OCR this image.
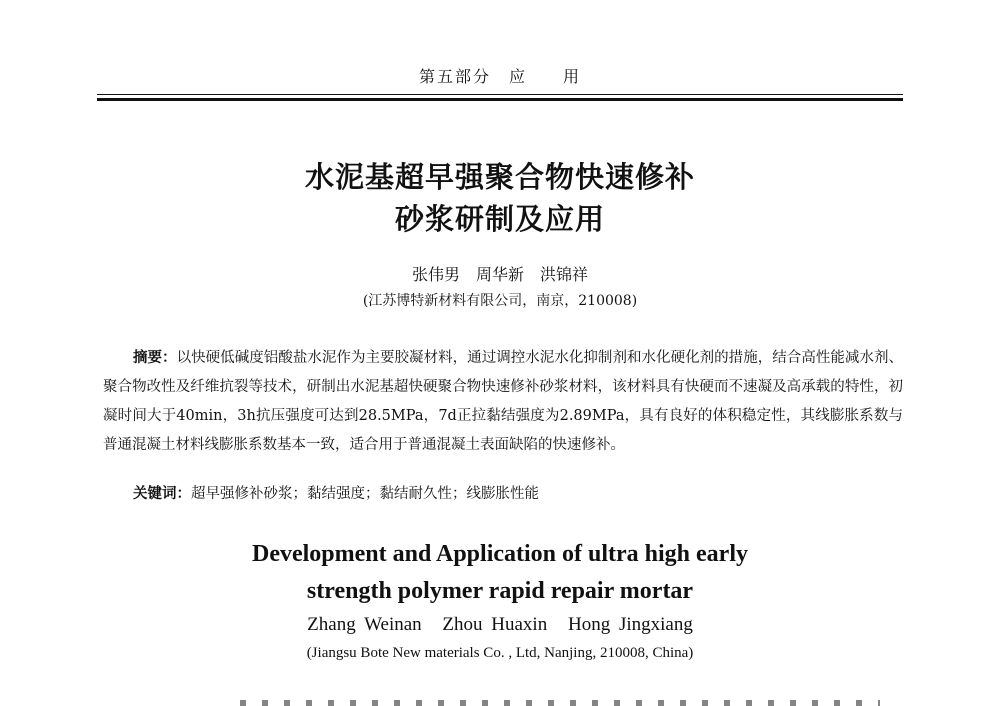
第五部分　应　　用
水泥基超早强聚合物快速修补
砂浆研制及应用
张伟男　周华新　洪锦祥
(江苏博特新材料有限公司，南京，210008)
摘要：以快硬低碱度铝酸盐水泥作为主要胶凝材料，通过调控水泥水化抑制剂和水化硬化剂的措施，结合高性能减水剂、聚合物改性及纤维抗裂等技术，研制出水泥基超快硬聚合物快速修补砂浆材料，该材料具有快硬而不速凝及高承载的特性，初凝时间大于40min，3h抗压强度可达到28.5MPa，7d正拉黏结强度为2.89MPa，具有良好的体积稳定性，其线膨胀系数与普通混凝土材料线膨胀系数基本一致，适合用于普通混凝土表面缺陷的快速修补。
关键词：超早强修补砂浆；黏结强度；黏结耐久性；线膨胀性能
Development and Application of ultra high early
strength polymer rapid repair mortar
Zhang Weinan Zhou Huaxin Hong Jingxiang
(Jiangsu Bote New materials Co. , Ltd, Nanjing, 210008, China)
